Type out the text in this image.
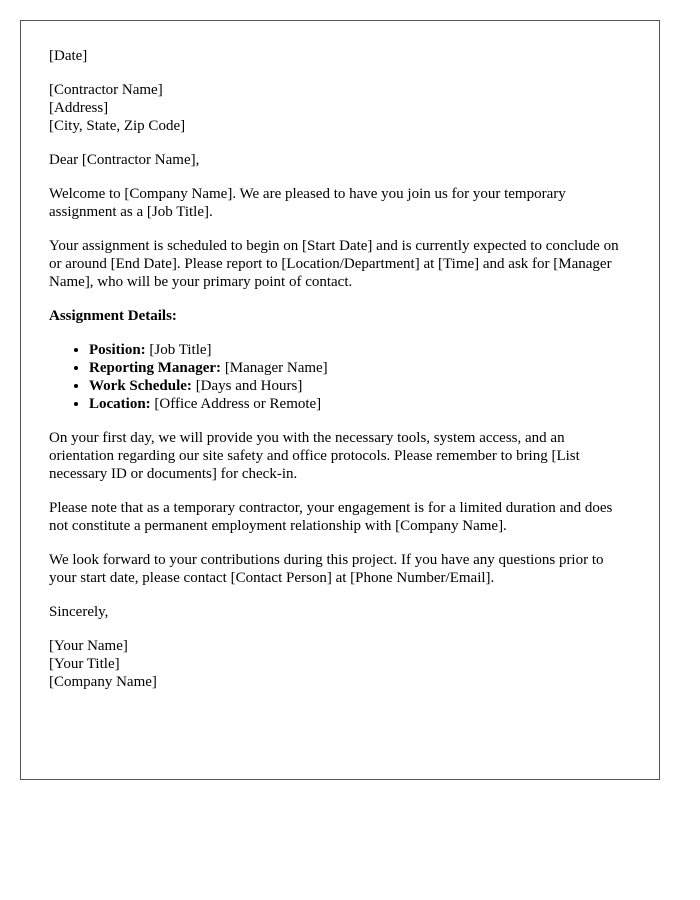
[Date]

[Contractor Name]
[Address]
[City, State, Zip Code]

Dear [Contractor Name],

Welcome to [Company Name]. We are pleased to have you join us for your temporary assignment as a [Job Title].

Your assignment is scheduled to begin on [Start Date] and is currently expected to conclude on or around [End Date]. Please report to [Location/Department] at [Time] and ask for [Manager Name], who will be your primary point of contact.

Assignment Details:

• Position: [Job Title]
• Reporting Manager: [Manager Name]
• Work Schedule: [Days and Hours]
• Location: [Office Address or Remote]

On your first day, we will provide you with the necessary tools, system access, and an orientation regarding our site safety and office protocols. Please remember to bring [List necessary ID or documents] for check-in.

Please note that as a temporary contractor, your engagement is for a limited duration and does not constitute a permanent employment relationship with [Company Name].

We look forward to your contributions during this project. If you have any questions prior to your start date, please contact [Contact Person] at [Phone Number/Email].

Sincerely,

[Your Name]
[Your Title]
[Company Name]
